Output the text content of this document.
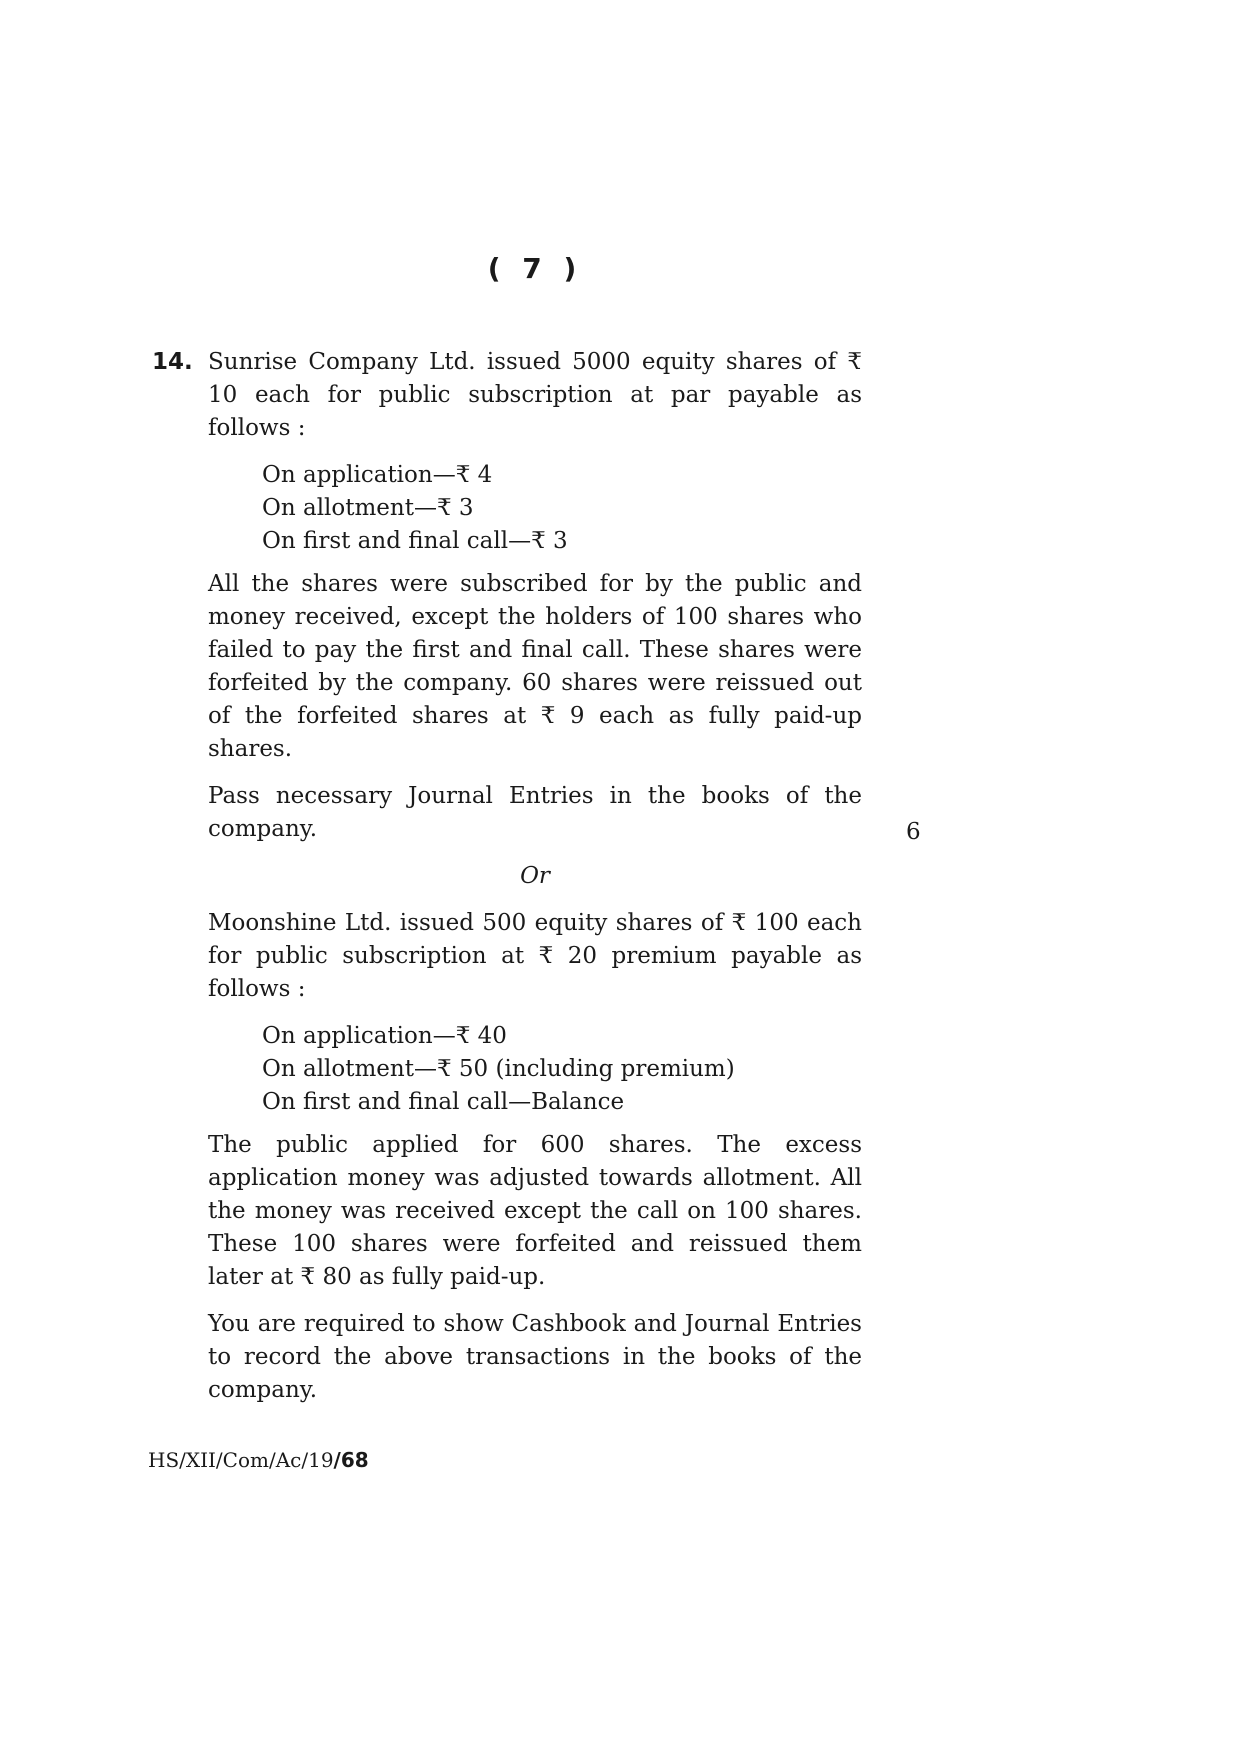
( 7 )
14. Sunrise Company Ltd. issued 5000 equity shares of ₹ 10 each for public subscription at par payable as follows :

On application—₹ 4
On allotment—₹ 3
On first and final call—₹ 3

All the shares were subscribed for by the public and money received, except the holders of 100 shares who failed to pay the first and final call. These shares were forfeited by the company. 60 shares were reissued out of the forfeited shares at ₹ 9 each as fully paid-up shares.

Pass necessary Journal Entries in the books of the company.

Or

Moonshine Ltd. issued 500 equity shares of ₹ 100 each for public subscription at ₹ 20 premium payable as follows :

On application—₹ 40
On allotment—₹ 50 (including premium)
On first and final call—Balance

The public applied for 600 shares. The excess application money was adjusted towards allotment. All the money was received except the call on 100 shares. These 100 shares were forfeited and reissued them later at ₹ 80 as fully paid-up.

You are required to show Cashbook and Journal Entries to record the above transactions in the books of the company.

6
HS/XII/Com/Ac/19/68
